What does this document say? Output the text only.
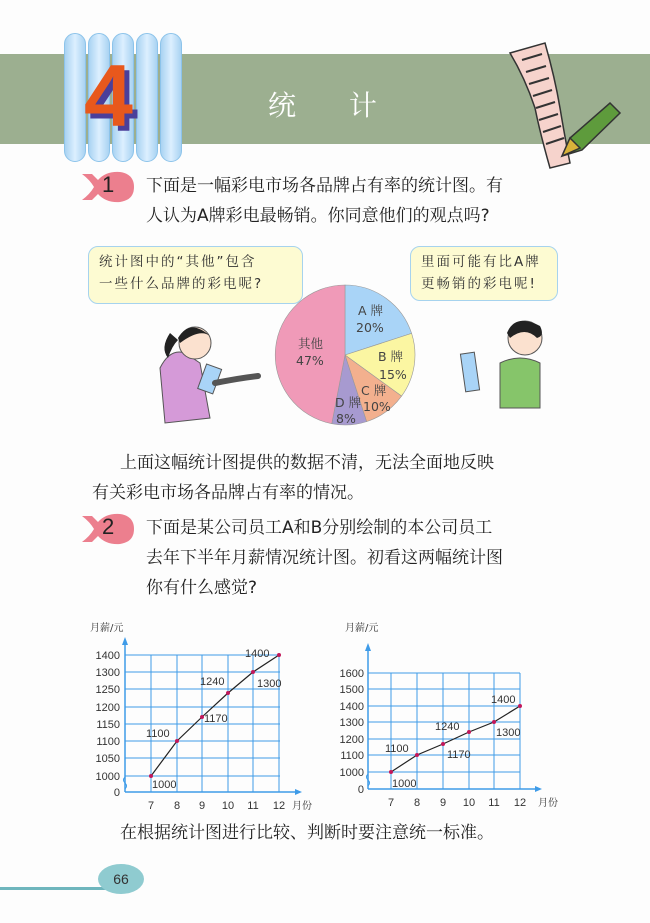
4	统 计
1 下面是一幅彩电市场各品牌占有率的统计图。有
人认为A牌彩电最畅销。你同意他们的观点吗?
统计图中的“其他”包含
一些什么品牌的彩电呢?
里面可能有比A牌
更畅销的彩电呢!
A 牌
20%
B 牌
15%
C 牌
10%
D 牌
8%
其他
47%
上面这幅统计图提供的数据不清，无法全面地反映
有关彩电市场各品牌占有率的情况。
2 下面是某公司员工A和B分别绘制的本公司员工
去年下半年月薪情况统计图。初看这两幅统计图
你有什么感觉?
月薪/元
1400
1300
1250
1200
1150
1100
1050
1000
0
7 8 9 10 11 12 月份
1000
1100
1170
1240	1300
1400
月薪/元
1600
1500
1400
1300
1200
1100
1000
0
7 8 9 10 11 12 月份
1000
1100	1170
1240	1300
1400
在根据统计图进行比较、判断时要注意统一标准。
66
